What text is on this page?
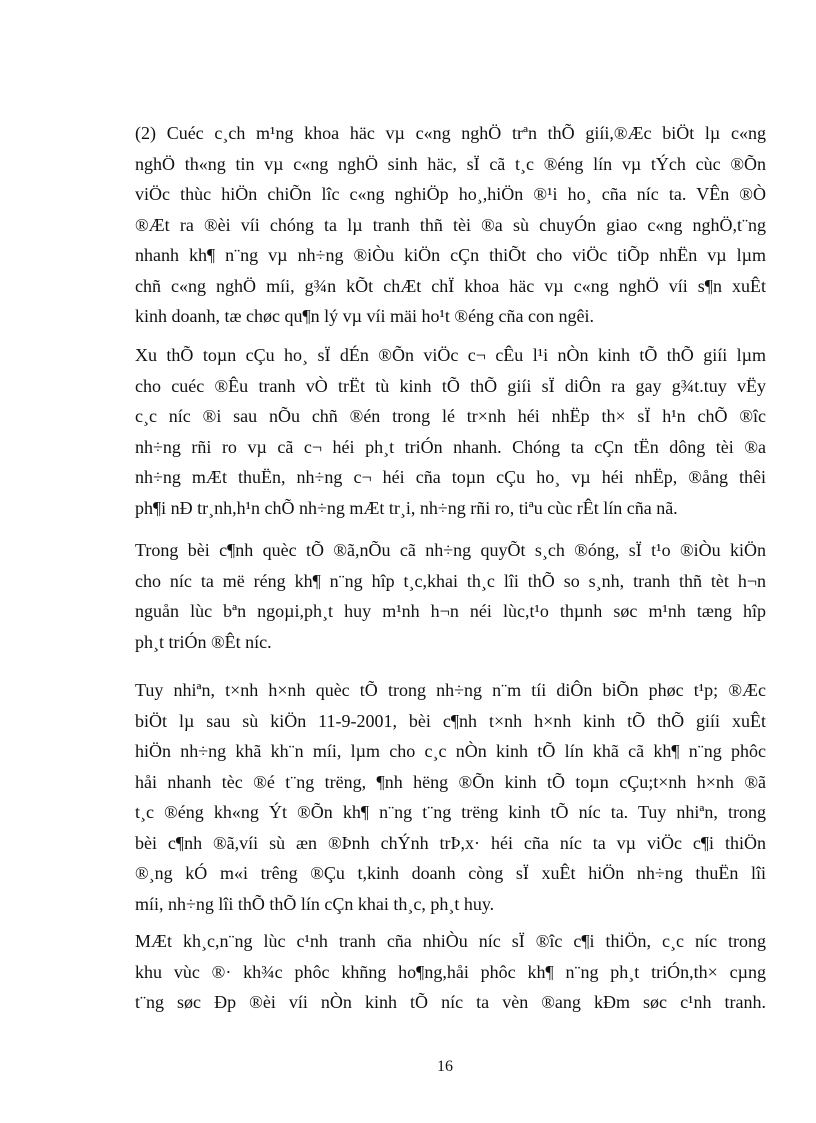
(2) Cuéc c¸ch m¹ng khoa häc vµ c«ng nghÖ trªn thÕ giíi,®Æc biÖt lµ c«ng
nghÖ th«ng tin vµ c«ng nghÖ sinh häc, sÏ cã t¸c ®éng lín vµ tÝch cùc ®Õn
viÖc thùc hiÖn chiÕn lîc c«ng nghiÖp ho¸,hiÖn ®¹i ho¸ cña níc ta. VÊn ®Ò
®Æt ra ®èi víi chóng ta lµ tranh thñ tèi ®a sù chuyÓn giao c«ng nghÖ,t¨ng
nhanh kh¶ n¨ng vµ nh÷ng ®iÒu kiÖn cÇn thiÕt cho viÖc tiÕp nhËn vµ lµm
chñ c«ng nghÖ míi, g¾n kÕt chÆt chÏ khoa häc vµ c«ng nghÖ víi s¶n xuÊt
kinh doanh, tæ chøc qu¶n lý vµ víi mäi ho¹t ®éng cña con ngêi.
Xu thÕ toµn cÇu ho¸ sÏ dÉn ®Õn viÖc c¬ cÊu l¹i nÒn kinh tÕ thÕ giíi lµm
cho cuéc ®Êu tranh vÒ trËt tù kinh tÕ thÕ giíi sÏ diÔn ra gay g¾t.tuy vËy
c¸c níc ®i sau nÕu chñ ®én trong lé tr×nh héi nhËp th× sÏ h¹n chÕ ®îc
nh÷ng rñi ro vµ cã c¬ héi ph¸t triÓn nhanh. Chóng ta cÇn tËn dông tèi ®a
nh÷ng mÆt thuËn, nh÷ng c¬ héi cña toµn cÇu ho¸ vµ héi nhËp, ®ång thêi
ph¶i nÐ tr¸nh,h¹n chÕ nh÷ng mÆt tr¸i, nh÷ng rñi ro, tiªu cùc rÊt lín cña nã.
Trong bèi c¶nh quèc tÕ ®ã,nÕu cã nh÷ng quyÕt s¸ch ®óng, sÏ t¹o ®iÒu kiÖn
cho níc ta më réng kh¶ n¨ng hîp t¸c,khai th¸c lîi thÕ so s¸nh, tranh thñ tèt h¬n
nguån lùc bªn ngoµi,ph¸t huy m¹nh h¬n néi lùc,t¹o thµnh søc m¹nh tæng hîp
ph¸t triÓn ®Êt níc.
Tuy nhiªn, t×nh h×nh quèc tÕ trong nh÷ng n¨m tíi diÔn biÕn phøc t¹p; ®Æc
biÖt lµ sau sù kiÖn 11-9-2001, bèi c¶nh t×nh h×nh kinh tÕ thÕ giíi xuÊt
hiÖn nh÷ng khã kh¨n míi, lµm cho c¸c nÒn kinh tÕ lín khã cã kh¶ n¨ng phôc
håi nhanh tèc ®é t¨ng trëng, ¶nh hëng ®Õn kinh tÕ toµn cÇu;t×nh h×nh ®ã
t¸c ®éng kh«ng Ýt ®Õn kh¶ n¨ng t¨ng trëng kinh tÕ níc ta. Tuy nhiªn, trong
bèi c¶nh ®ã,víi sù æn ®Þnh chÝnh trÞ,x· héi cña níc ta vµ viÖc c¶i thiÖn
®¸ng kÓ m«i trêng ®Çu t,kinh doanh còng sÏ xuÊt hiÖn nh÷ng thuËn lîi
míi, nh÷ng lîi thÕ thÕ lín cÇn khai th¸c, ph¸t huy.
MÆt kh¸c,n¨ng lùc c¹nh tranh cña nhiÒu níc sÏ ®îc c¶i thiÖn, c¸c níc trong
khu vùc ®· kh¾c phôc khñng ho¶ng,håi phôc kh¶ n¨ng ph¸t triÓn,th× cµng
t¨ng søc Ðp ®èi víi nÒn kinh tÕ níc ta vèn ®ang kÐm søc c¹nh tranh.

16
